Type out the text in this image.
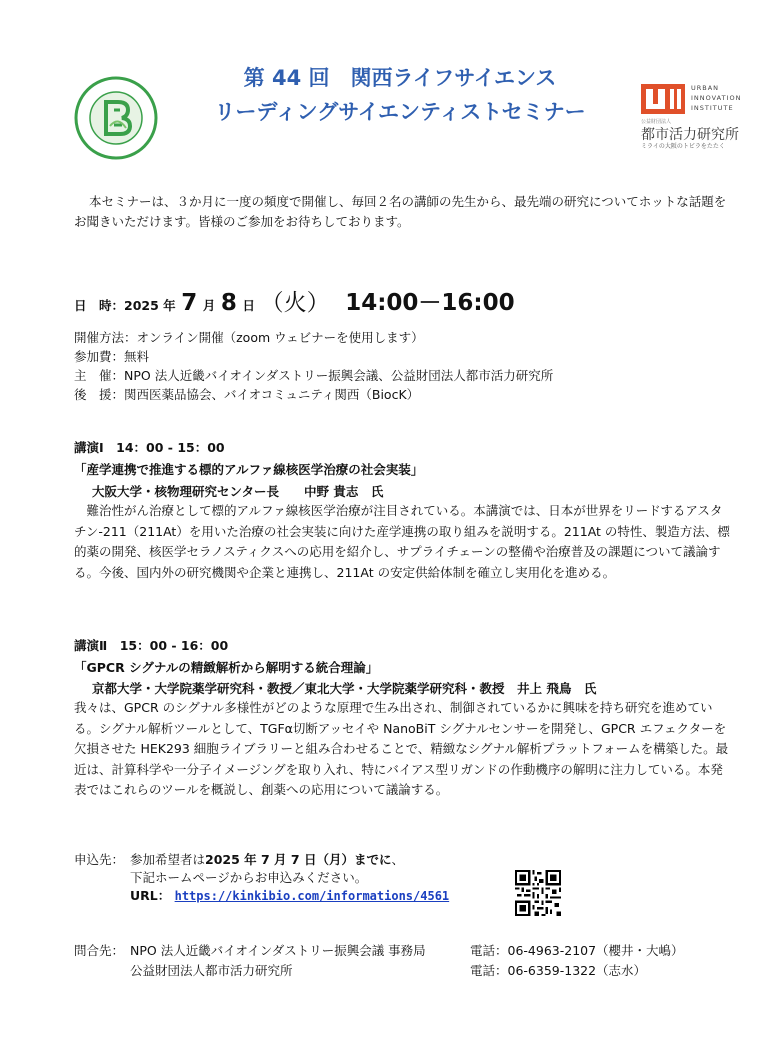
第 44 回　関西ライフサイエンス
リーディングサイエンティストセミナー
URBAN
INNOVATION
INSTITUTE
公益財団法人
都市活力研究所
ミライの大阪のトビラをたたく
本セミナーは、３か月に一度の頻度で開催し、毎回２名の講師の先生から、最先端の研究についてホットな話題をお聞きいただけます。皆様のご参加をお待ちしております。
日　時：2025 年 7 月 8 日 （火） 14:00－16:00
開催方法：オンライン開催（zoom ウェビナーを使用します）
参加費：無料
主　催：NPO 法人近畿バイオインダストリー振興会議、公益財団法人都市活力研究所
後　援：関西医薬品協会、バイオコミュニティ関西（BiocK）
講演Ⅰ　14：00 - 15：00
「産学連携で推進する標的アルファ線核医学治療の社会実装」
大阪大学・核物理研究センター長　　中野 貴志　氏
　難治性がん治療として標的アルファ線核医学治療が注目されている。本講演では、日本が世界をリードするアスタチン-211（211At）を用いた治療の社会実装に向けた産学連携の取り組みを説明する。211At の特性、製造方法、標的薬の開発、核医学セラノスティクスへの応用を紹介し、サプライチェーンの整備や治療普及の課題について議論する。今後、国内外の研究機関や企業と連携し、211At の安定供給体制を確立し実用化を進める。
講演Ⅱ　15：00 - 16：00
「GPCR シグナルの精緻解析から解明する統合理論」
京都大学・大学院薬学研究科・教授／東北大学・大学院薬学研究科・教授　井上 飛鳥　氏
我々は、GPCR のシグナル多様性がどのような原理で生み出され、制御されているかに興味を持ち研究を進めている。シグナル解析ツールとして、TGFα切断アッセイや NanoBiT シグナルセンサーを開発し、GPCR エフェクターを欠損させた HEK293 細胞ライブラリーと組み合わせることで、精緻なシグナル解析プラットフォームを構築した。最近は、計算科学や一分子イメージングを取り入れ、特にバイアス型リガンドの作動機序の解明に注力している。本発表ではこれらのツールを概説し、創薬への応用について議論する。
申込先： 参加希望者は2025 年 7 月 7 日（月）までに、
下記ホームページからお申込みください。
URL： https://kinkibio.com/informations/4561
問合先： NPO 法人近畿バイオインダストリー振興会議 事務局	電話：06-4963-2107（櫻井・大嶋）
公益財団法人都市活力研究所	電話：06-6359-1322（志水）
